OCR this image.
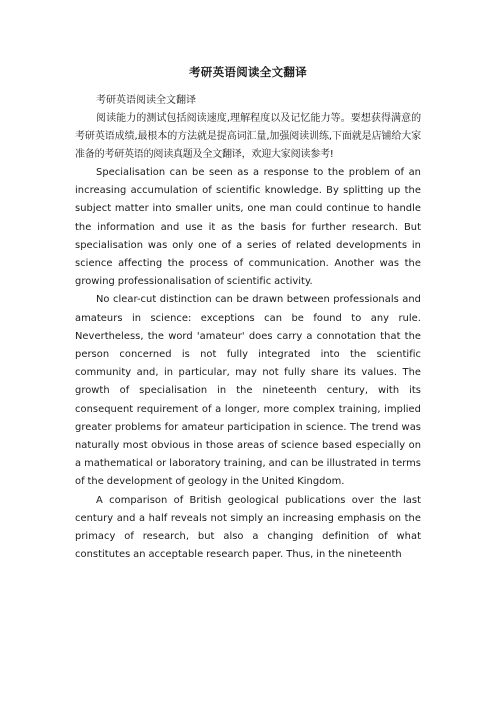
考研英语阅读全文翻译

考研英语阅读全文翻译

阅读能力的测试包括阅读速度,理解程度以及记忆能力等。要想获得满意的考研英语成绩,最根本的方法就是提高词汇量,加强阅读训练,下面就是店铺给大家准备的考研英语的阅读真题及全文翻译，欢迎大家阅读参考!

Specialisation can be seen as a response to the problem of an increasing accumulation of scientific knowledge. By splitting up the subject matter into smaller units, one man could continue to handle the information and use it as the basis for further research. But specialisation was only one of a series of related developments in science affecting the process of communication. Another was the growing professionalisation of scientific activity.

No clear-cut distinction can be drawn between professionals and amateurs in science: exceptions can be found to any rule. Nevertheless, the word 'amateur' does carry a connotation that the person concerned is not fully integrated into the scientific community and, in particular, may not fully share its values. The growth of specialisation in the nineteenth century, with its consequent requirement of a longer, more complex training, implied greater problems for amateur participation in science. The trend was naturally most obvious in those areas of science based especially on a mathematical or laboratory training, and can be illustrated in terms of the development of geology in the United Kingdom.

A comparison of British geological publications over the last century and a half reveals not simply an increasing emphasis on the primacy of research, but also a changing definition of what constitutes an acceptable research paper. Thus, in the nineteenth
